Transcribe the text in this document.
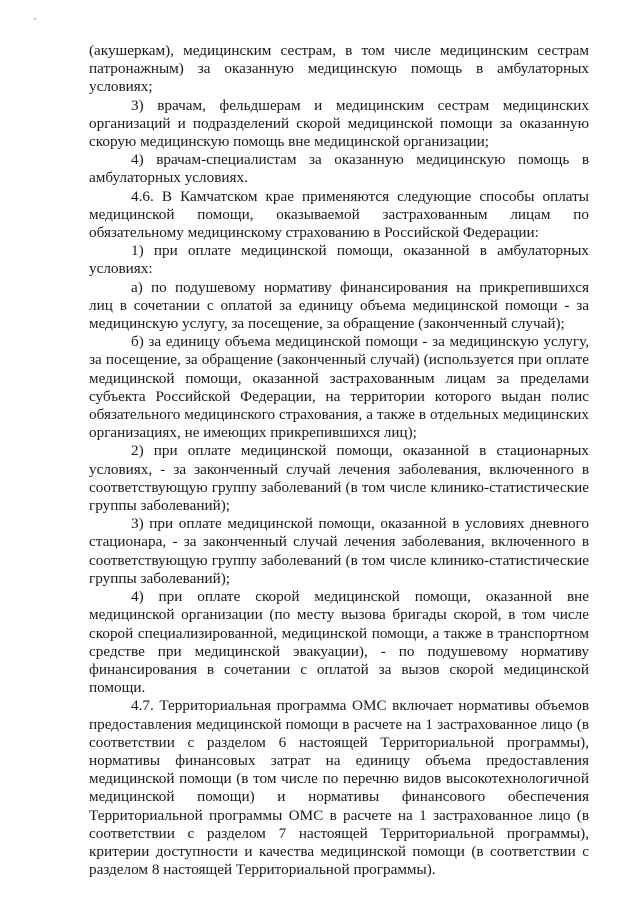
(акушеркам), медицинским сестрам, в том числе медицинским сестрам патронажным) за оказанную медицинскую помощь в амбулаторных условиях;

3) врачам, фельдшерам и медицинским сестрам медицинских организаций и подразделений скорой медицинской помощи за оказанную скорую медицинскую помощь вне медицинской организации;

4) врачам-специалистам за оказанную медицинскую помощь в амбулаторных условиях.

4.6. В Камчатском крае применяются следующие способы оплаты медицинской помощи, оказываемой застрахованным лицам по обязательному медицинскому страхованию в Российской Федерации:

1) при оплате медицинской помощи, оказанной в амбулаторных условиях:

а) по подушевому нормативу финансирования на прикрепившихся лиц в сочетании с оплатой за единицу объема медицинской помощи - за медицинскую услугу, за посещение, за обращение (законченный случай);

б) за единицу объема медицинской помощи - за медицинскую услугу, за посещение, за обращение (законченный случай) (используется при оплате медицинской помощи, оказанной застрахованным лицам за пределами субъекта Российской Федерации, на территории которого выдан полис обязательного медицинского страхования, а также в отдельных медицинских организациях, не имеющих прикрепившихся лиц);

2) при оплате медицинской помощи, оказанной в стационарных условиях, - за законченный случай лечения заболевания, включенного в соответствующую группу заболеваний (в том числе клинико-статистические группы заболеваний);

3) при оплате медицинской помощи, оказанной в условиях дневного стационара, - за законченный случай лечения заболевания, включенного в соответствующую группу заболеваний (в том числе клинико-статистические группы заболеваний);

4) при оплате скорой медицинской помощи, оказанной вне медицинской организации (по месту вызова бригады скорой, в том числе скорой специализированной, медицинской помощи, а также в транспортном средстве при медицинской эвакуации), - по подушевому нормативу финансирования в сочетании с оплатой за вызов скорой медицинской помощи.

4.7. Территориальная программа ОМС включает нормативы объемов предоставления медицинской помощи в расчете на 1 застрахованное лицо (в соответствии с разделом 6 настоящей Территориальной программы), нормативы финансовых затрат на единицу объема предоставления медицинской помощи (в том числе по перечню видов высокотехнологичной медицинской помощи) и нормативы финансового обеспечения Территориальной программы ОМС в расчете на 1 застрахованное лицо (в соответствии с разделом 7 настоящей Территориальной программы), критерии доступности и качества медицинской помощи (в соответствии с разделом 8 настоящей Территориальной программы).
